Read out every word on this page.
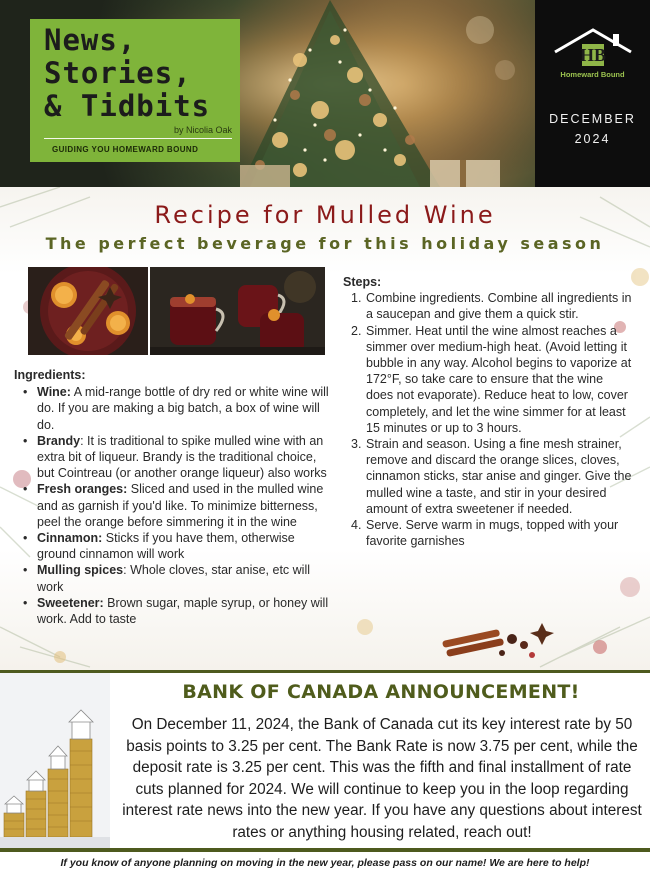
News,
Stories,
& Tidbits
by Nicolia Oak
GUIDING YOU HOMEWARD BOUND
HB
Homeward Bound
DECEMBER
2024
Recipe for Mulled Wine
The perfect beverage for this holiday season
Ingredients:
• Wine: A mid-range bottle of dry red or white wine will do. If you are making a big batch, a box of wine will do.
• Brandy: It is traditional to spike mulled wine with an extra bit of liqueur. Brandy is the traditional choice, but Cointreau (or another orange liqueur) also works
• Fresh oranges: Sliced and used in the mulled wine and as garnish if you'd like. To minimize bitterness, peel the orange before simmering it in the wine
• Cinnamon: Sticks if you have them, otherwise ground cinnamon will work
• Mulling spices: Whole cloves, star anise, etc will work
• Sweetener: Brown sugar, maple syrup, or honey will work. Add to taste
Steps:
1. Combine ingredients. Combine all ingredients in a saucepan and give them a quick stir.
2. Simmer. Heat until the wine almost reaches a simmer over medium-high heat. (Avoid letting it bubble in any way. Alcohol begins to vaporize at 172°F, so take care to ensure that the wine does not evaporate). Reduce heat to low, cover completely, and let the wine simmer for at least 15 minutes or up to 3 hours.
3. Strain and season. Using a fine mesh strainer, remove and discard the orange slices, cloves, cinnamon sticks, star anise and ginger. Give the mulled wine a taste, and stir in your desired amount of extra sweetener if needed.
4. Serve. Serve warm in mugs, topped with your favorite garnishes
BANK OF CANADA ANNOUNCEMENT!
On December 11, 2024, the Bank of Canada cut its key interest rate by 50 basis points to 3.25 per cent. The Bank Rate is now 3.75 per cent, while the deposit rate is 3.25 per cent. This was the fifth and final installment of rate cuts planned for 2024. We will continue to keep you in the loop regarding interest rate news into the new year. If you have any questions about interest rates or anything housing related, reach out!
If you know of anyone planning on moving in the new year, please pass on our name! We are here to help!
